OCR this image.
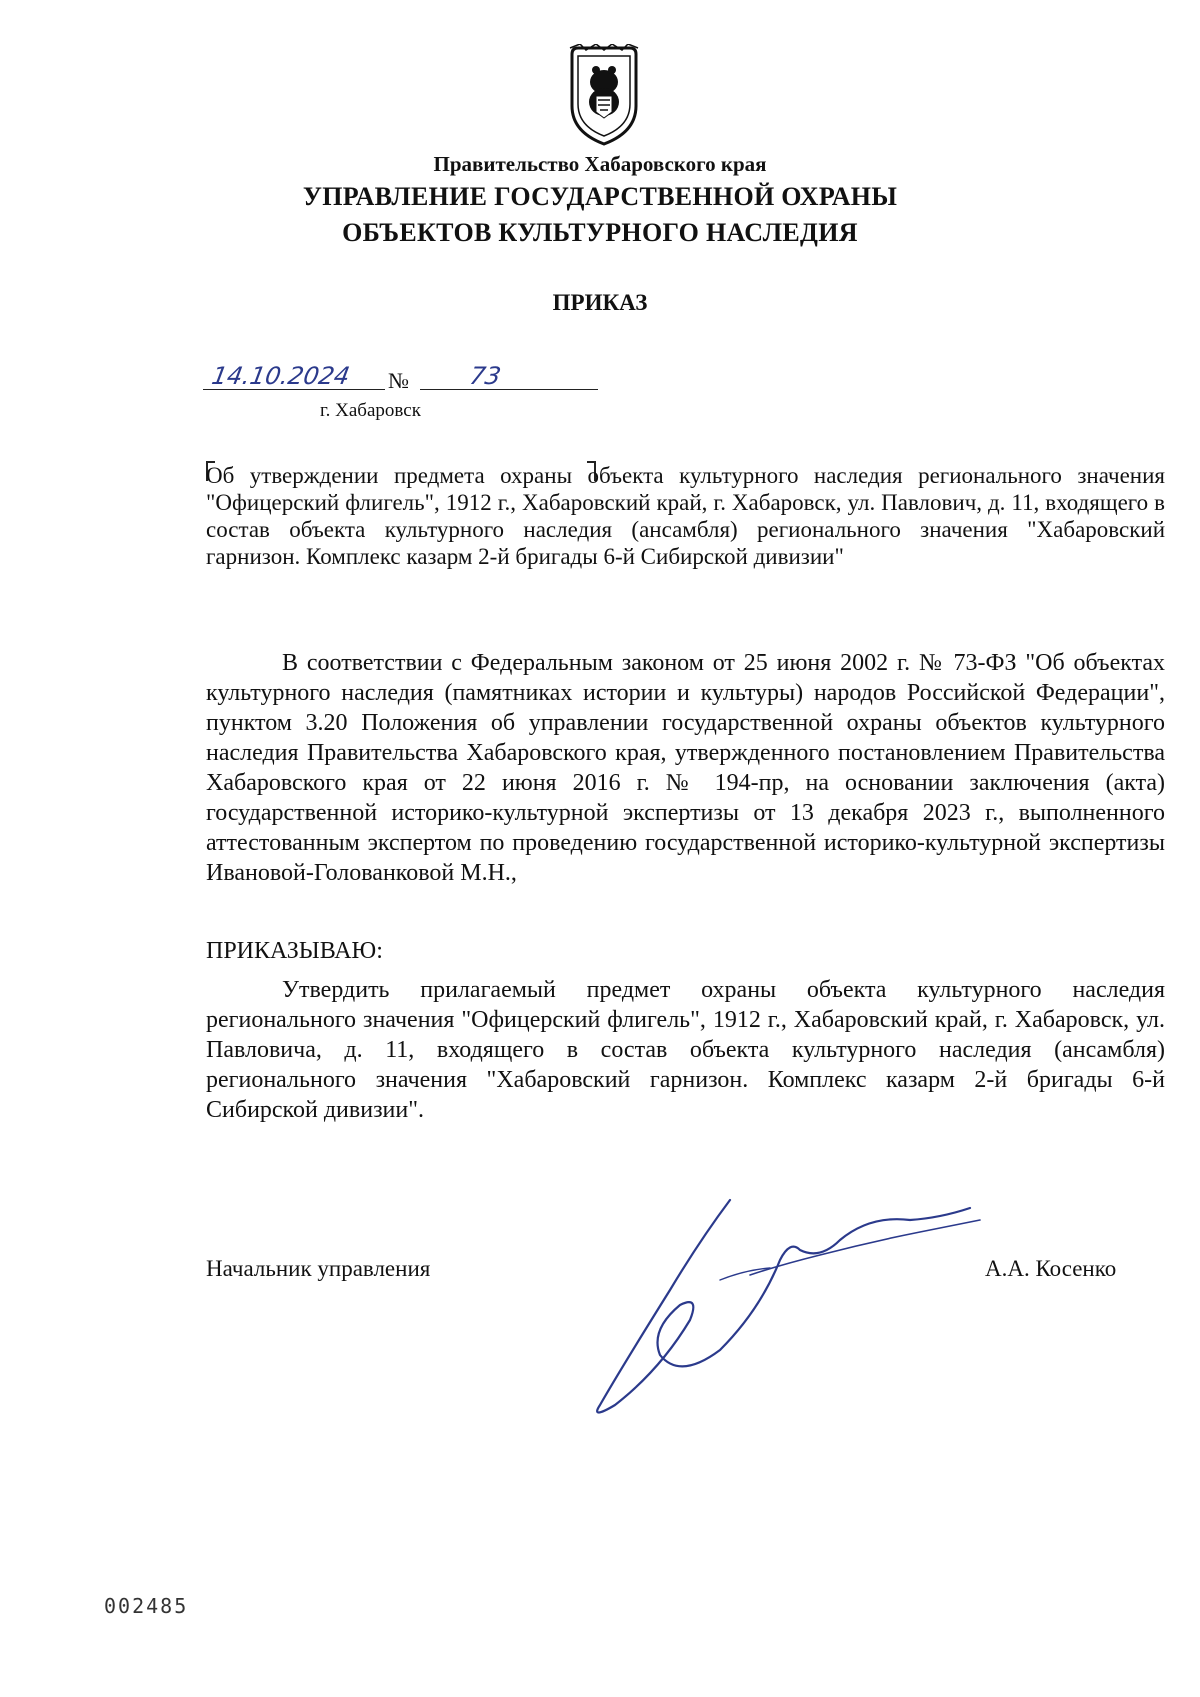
Правительство Хабаровского края
УПРАВЛЕНИЕ ГОСУДАРСТВЕННОЙ ОХРАНЫ
ОБЪЕКТОВ КУЛЬТУРНОГО НАСЛЕДИЯ
ПРИКАЗ
14.10.2024 № 73
г. Хабаровск
Об утверждении предмета охраны объекта культурного наследия регионального значения "Офицерский флигель", 1912 г., Хабаровский край, г. Хабаровск, ул. Павлович, д. 11, входящего в состав объекта культурного наследия (ансамбля) регионального значения "Хабаровский гарнизон. Комплекс казарм 2-й бригады 6-й Сибирской дивизии"
В соответствии с Федеральным законом от 25 июня 2002 г. № 73-ФЗ "Об объектах культурного наследия (памятниках истории и культуры) народов Российской Федерации", пунктом 3.20 Положения об управлении государственной охраны объектов культурного наследия Правительства Хабаровского края, утвержденного постановлением Правительства Хабаровского края от 22 июня 2016 г. № 194-пр, на основании заключения (акта) государственной историко-культурной экспертизы от 13 декабря 2023 г., выполненного аттестованным экспертом по проведению государственной историко-культурной экспертизы Ивановой-Голованковой М.Н.,
ПРИКАЗЫВАЮ:
Утвердить прилагаемый предмет охраны объекта культурного наследия регионального значения "Офицерский флигель", 1912 г., Хабаровский край, г. Хабаровск, ул. Павловича, д. 11, входящего в состав объекта культурного наследия (ансамбля) регионального значения "Хабаровский гарнизон. Комплекс казарм 2-й бригады 6-й Сибирской дивизии".
Начальник управления	А.А. Косенко
002485
